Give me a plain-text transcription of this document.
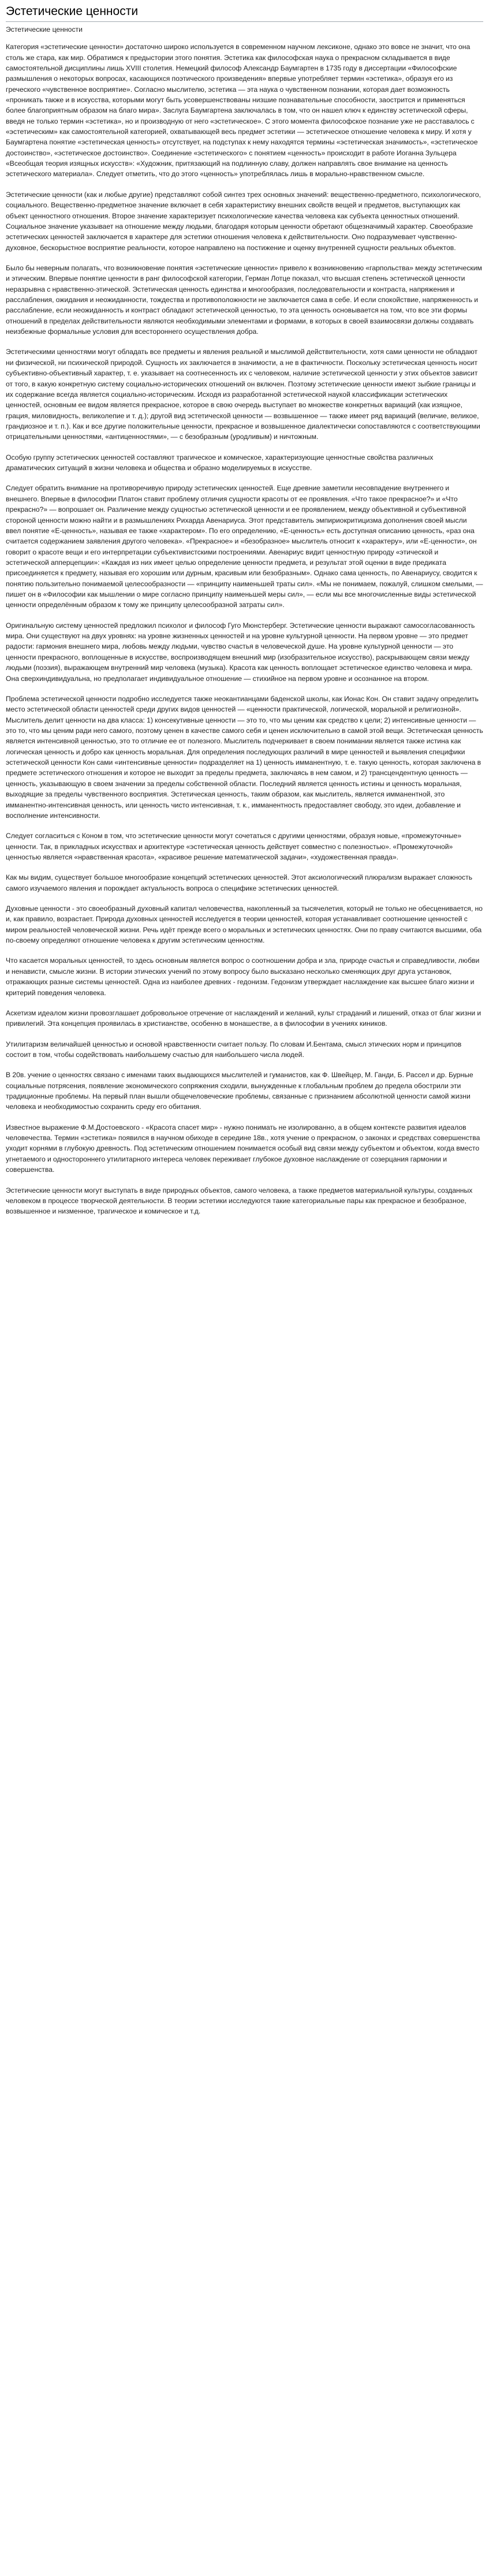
Эстетические ценности
Эстетические ценности

Категория «эстетические ценности» достаточно широко используется в современном научном лексиконе, однако это вовсе не значит, что она столь же стара, как мир. Обратимся к предыстории этого понятия. Эстетика как философская наука о прекрасном складывается в виде самостоятельной дисциплины лишь XVIII столетия. Немецкий философ Александр Баумгартен в 1735 году в диссертации «Философские размышления о некоторых вопросах, касающихся поэтического произведения» впервые употребляет термин «эстетика», образуя его из греческого «чувственное восприятие». Согласно мыслителю, эстетика — эта наука о чувственном познании, которая дает возможность «проникать также и в искусства, которыми могут быть усовершенствованы низшие познавательные способности, заострится и применяться более благоприятным образом на благо мира». Заслуга Баумгартена заключалась в том, что он нашел ключ к единству эстетической сферы, введя не только термин «эстетика», но и производную от него «эстетическое». С этого момента философское познание уже не расставалось с «эстетическим» как самостоятельной категорией, охватывающей весь предмет эстетики — эстетическое отношение человека к миру. И хотя у Баумгартена понятие «эстетическая ценность» отсутствует, на подступах к нему находятся термины «эстетическая значимость», «эстетическое достоинство», «эстетическое достоинство». Соединение «эстетического» с понятием «ценность» происходит в работе Иоганна Зульцера «Всеобщая теория изящных искусств»: «Художник, притязающий на подлинную славу, должен направлять свое внимание на ценность эстетического материала». Следует отметить, что до этого «ценность» употреблялась лишь в морально-нравственном смысле.

Эстетические ценности (как и любые другие) представляют собой синтез трех основных значений: вещественно-предметного, психологического, социального. Вещественно-предметное значение включает в себя характеристику внешних свойств вещей и предметов, выступающих как объект ценностного отношения. Второе значение характеризует психологические качества человека как субъекта ценностных отношений. Социальное значение указывает на отношение между людьми, благодаря которым ценности обретают общезначимый характер. Своеобразие эстетических ценностей заключается в характере для эстетики отношения человека к действительности. Оно подразумевает чувственно-духовное, бескорыстное восприятие реальности, которое направлено на постижение и оценку внутренней сущности реальных объектов.

Было бы неверным полагать, что возникновение понятия «эстетические ценности» привело к возникновению «гарпольства» между эстетическим и этическим. Впервые понятие ценности в ранг философской категории, Герман Лотце показал, что высшая степень эстетической ценности неразрывна с нравственно-этической. Эстетическая ценность единства и многообразия, последовательности и контраста, напряжения и расслабления, ожидания и неожиданности, тождества и противоположности не заключается сама в себе. И если спокойствие, напряженность и расслабление, если неожиданность и контраст обладают эстетической ценностью, то эта ценность основывается на том, что все эти формы отношений в пределах действительности являются необходимыми элементами и формами, в которых в своей взаимосвязи должны создавать неизбежные формальные условия для всестороннего осуществления добра.

Эстетическими ценностями могут обладать все предметы и явления реальной и мыслимой действительности, хотя сами ценности не обладают ни физической, ни психической природой. Сущность их заключается в значимости, а не в фактичности. Поскольку эстетическая ценность носит субъективно-объективный характер, т. е. указывает на соотнесенность их с человеком, наличие эстетической ценности у этих объектов зависит от того, в какую конкретную систему социально-исторических отношений он включен. Поэтому эстетические ценности имеют зыбкие границы и их содержание всегда является социально-историческим. Исходя из разработанной эстетической наукой классификации эстетических ценностей, основным ее видом является прекрасное, которое в свою очередь выступает во множестве конкретных вариаций (как изящное, грация, миловидность, великолепие и т. д.); другой вид эстетической ценности — возвышенное — также имеет ряд вариаций (величие, великое, грандиозное и т. п.). Как и все другие положительные ценности, прекрасное и возвышенное диалектически сопоставляются с соответствующими отрицательными ценностями, «антиценностями», — с безобразным (уродливым) и ничтожным.

Особую группу эстетических ценностей составляют трагическое и комическое, характеризующие ценностные свойства различных драматических ситуаций в жизни человека и общества и образно моделируемых в искусстве.

Следует обратить внимание на противоречивую природу эстетических ценностей. Еще древние заметили несовпадение внутреннего и внешнего. Впервые в философии Платон ставит проблему отличия сущности красоты от ее проявления. «Что такое прекрасное?» и «Что прекрасно?» — вопрошает он. Различение между сущностью эстетической ценности и ее проявлением, между объективной и субъективной стороной ценности можно найти и в размышлениях Рихарда Авенариуса. Этот представитель эмпириокритицизма дополнения своей мысли ввел понятие «Е-ценность», называя ее также «характером». По его определению, «Е-ценность» есть доступная описанию ценность, «раз она считается содержанием заявления другого человека». «Прекрасное» и «безобразное» мыслитель относит к «характеру», или «Е-ценности», он говорит о красоте вещи и его интерпретации субъективистскими построениями. Авенариус видит ценностную природу «этической и эстетической апперцепции»: «Каждая из них имеет целью определение ценности предмета, и результат этой оценки в виде предиката присоединяется к предмету, называя его хорошим или дурным, красивым или безобразным». Однако сама ценность, по Авенариусу, сводится к понятию пользительно понимаемой целесообразности — «принципу наименьшей траты сил». «Мы не понимаем, пожалуй, слишком смелыми, — пишет он в «Философии как мышлении о мире согласно принципу наименьшей меры сил», — если мы все многочисленные виды эстетической ценности определённым образом к тому же принципу целесообразной затраты сил».

Оригинальную систему ценностей предложил психолог и философ Гуго Мюнстерберг. Эстетические ценности выражают самосогласованность мира. Они существуют на двух уровнях: на уровне жизненных ценностей и на уровне культурной ценности. На первом уровне — это предмет радости: гармония внешнего мира, любовь между людьми, чувство счастья в человеческой душе. На уровне культурной ценности — это ценности прекрасного, воплощенные в искусстве, воспроизводящем внешний мир (изобразительное искусство), раскрывающем связи между людьми (поэзия), выражающем внутренний мир человека (музыка). Красота как ценность воплощает эстетическое единство человека и мира. Она сверхиндивидуальна, но предполагает индивидуальное отношение — стихийное на первом уровне и осознанное на втором.

Проблема эстетической ценности подробно исследуется также неокантианцами баденской школы, как Ионас Кон. Он ставит задачу определить место эстетической области ценностей среди других видов ценностей — «ценности практической, логической, моральной и религиозной». Мыслитель делит ценности на два класса: 1) консекутивные ценности — это то, что мы ценим как средство к цели; 2) интенсивные ценности — это то, что мы ценим ради него самого, поэтому ценен в качестве самого себя и ценен исключительно в самой этой вещи. Эстетическая ценность является интенсивной ценностью, это то отличие ее от полезного. Мыслитель подчеркивает в своем понимании является также истина как логическая ценность и добро как ценность моральная. Для определения последующих различий в мире ценностей и выявления специфики эстетической ценности Кон сами «интенсивные ценности» подразделяет на 1) ценность имманентную, т. е. такую ценность, которая заключена в предмете эстетического отношения и которое не выходит за пределы предмета, заключаясь в нем самом, и 2) трансцендентную ценность — ценность, указывающую в своем значении за пределы собственной области. Последний является ценность истины и ценность моральная, выходящие за пределы чувственного восприятия. Эстетическая ценность, таким образом, как мыслитель, является имманентной, это имманентно-интенсивная ценность, или ценность чисто интенсивная, т. к., имманентность предоставляет свободу, это идеи, добавление и восполнение интенсивности.

Следует согласиться с Коном в том, что эстетические ценности могут сочетаться с другими ценностями, образуя новые, «промежуточные» ценности. Так, в прикладных искусствах и архитектуре «эстетическая ценность действует совместно с полезностью». «Промежуточной» ценностью является «нравственная красота», «красивое решение математической задачи», «художественная правда».

Как мы видим, существует большое многообразие концепций эстетических ценностей. Этот аксиологический плюрализм выражает сложность самого изучаемого явления и порождает актуальность вопроса о специфике эстетических ценностей.

Духовные ценности - это своеобразный духовный капитал человечества, накопленный за тысячелетия, который не только не обесценивается, но и, как правило, возрастает. Природа духовных ценностей исследуется в теории ценностей, которая устанавливает соотношение ценностей с миром реальностей человеческой жизни. Речь идёт прежде всего о моральных и эстетических ценностях. Они по праву считаются высшими, оба по-своему определяют отношение человека к другим эстетическим ценностям.

Что касается моральных ценностей, то здесь основным является вопрос о соотношении добра и зла, природе счастья и справедливости, любви и ненависти, смысле жизни. В истории этических учений по этому вопросу было высказано несколько сменяющих друг друга установок, отражающих разные системы ценностей. Одна из наиболее древних - гедонизм. Гедонизм утверждает наслаждение как высшее благо жизни и критерий поведения человека.

Аскетизм идеалом жизни провозглашает добровольное отречение от наслаждений и желаний, культ страданий и лишений, отказ от благ жизни и привилегий. Эта концепция проявилась в христианстве, особенно в монашестве, а в философии в учениях киников.

Утилитаризм величайшей ценностью и основой нравственности считает пользу. По словам И.Бентама, смысл этических норм и принципов состоит в том, чтобы содействовать наибольшему счастью для наибольшего числа людей.

В 20в. учение о ценностях связано с именами таких выдающихся мыслителей и гуманистов, как Ф. Швейцер, М. Ганди, Б. Рассел и др. Бурные социальные потрясения, появление экономического сопряжения сходили, вынужденные к глобальным проблем до предела обострили эти традиционные проблемы. На первый план вышли общечеловеческие проблемы, связанные с признанием абсолютной ценности самой жизни человека и необходимостью сохранить среду его обитания.

Известное выражение Ф.М.Достоевского - «Красота спасет мир» - нужно понимать не изолированно, а в общем контексте развития идеалов человечества. Термин «эстетика» появился в научном обиходе в середине 18в., хотя учение о прекрасном, о законах и средствах совершенства уходит корнями в глубокую древность. Под эстетическим отношением понимается особый вид связи между субъектом и объектом, когда вместо угнетаемого и одностороннего утилитарного интереса человек переживает глубокое духовное наслаждение от созерцания гармонии и совершенства.

Эстетические ценности могут выступать в виде природных объектов, самого человека, а также предметов материальной культуры, созданных человеком в процессе творческой деятельности. В теории эстетики исследуются такие категориальные пары как прекрасное и безобразное, возвышенное и низменное, трагическое и комическое и т.д.
